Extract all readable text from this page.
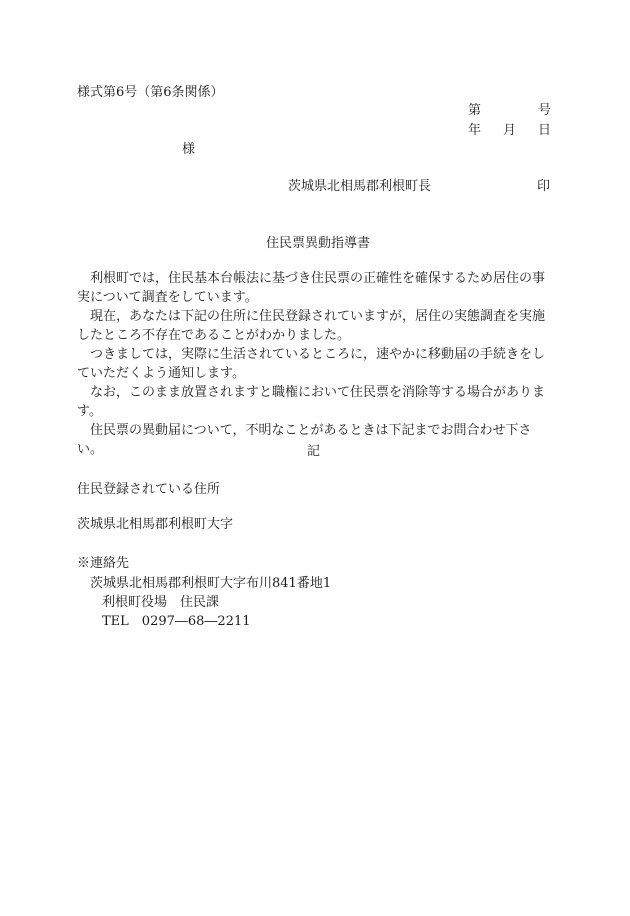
様式第6号（第6条関係）
第	号
年 月 日
様
茨城県北相馬郡利根町長	印
住民票異動指導書

利根町では，住民基本台帳法に基づき住民票の正確性を確保するため居住の事実について調査をしています。

現在，あなたは下記の住所に住民登録されていますが，居住の実態調査を実施したところ不存在であることがわかりました。

つきましては，実際に生活されているところに，速やかに移動届の手続きをしていただくよう通知します。

なお，このまま放置されますと職権において住民票を消除等する場合があります。

住民票の異動届について，不明なことがあるときは下記までお問合わせ下さい。	記
住民登録されている住所
茨城県北相馬郡利根町大字
※連絡先
茨城県北相馬郡利根町大字布川841番地1
利根町役場　住民課
TEL　0297―68―2211
